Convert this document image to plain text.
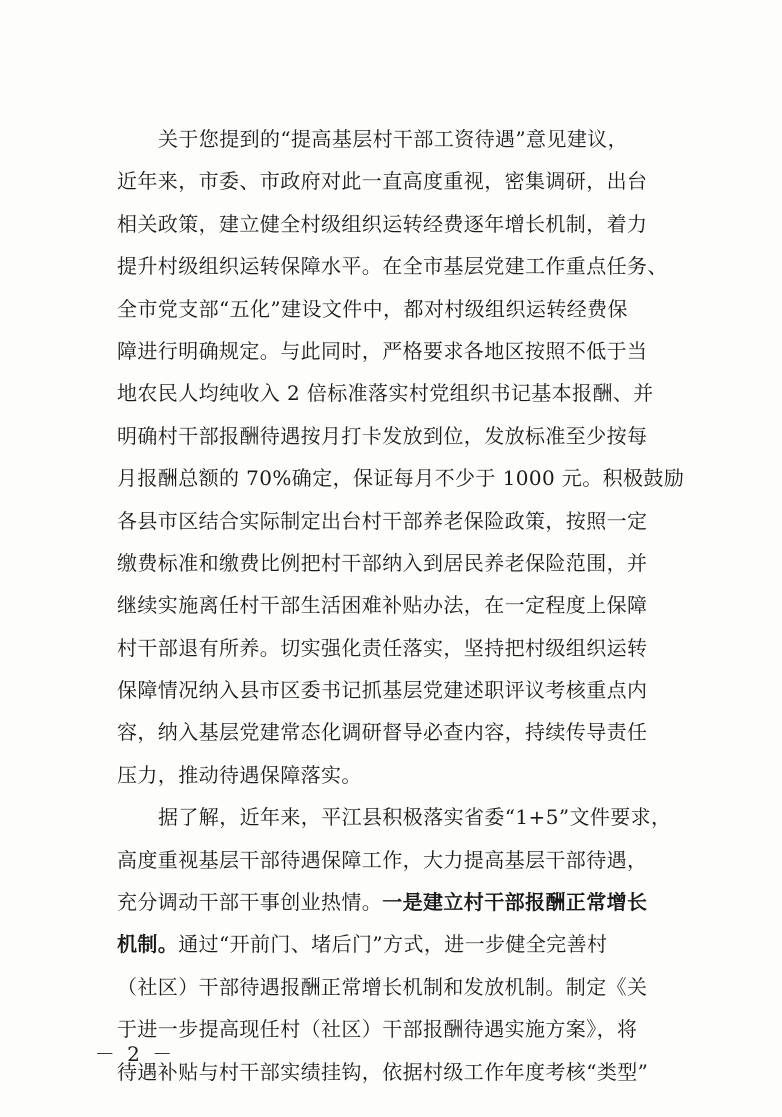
关于您提到的“提高基层村干部工资待遇”意见建议，
近年来，市委、市政府对此一直高度重视，密集调研，出台
相关政策，建立健全村级组织运转经费逐年增长机制，着力
提升村级组织运转保障水平。在全市基层党建工作重点任务、
全市党支部“五化”建设文件中，都对村级组织运转经费保
障进行明确规定。与此同时，严格要求各地区按照不低于当
地农民人均纯收入 2 倍标准落实村党组织书记基本报酬、并
明确村干部报酬待遇按月打卡发放到位，发放标准至少按每
月报酬总额的 70%确定，保证每月不少于 1000 元。积极鼓励
各县市区结合实际制定出台村干部养老保险政策，按照一定
缴费标准和缴费比例把村干部纳入到居民养老保险范围，并
继续实施离任村干部生活困难补贴办法，在一定程度上保障
村干部退有所养。切实强化责任落实，坚持把村级组织运转
保障情况纳入县市区委书记抓基层党建述职评议考核重点内
容，纳入基层党建常态化调研督导必查内容，持续传导责任
压力，推动待遇保障落实。
据了解，近年来，平江县积极落实省委“1+5”文件要求，
高度重视基层干部待遇保障工作，大力提高基层干部待遇，
充分调动干部干事创业热情。一是建立村干部报酬正常增长
机制。通过“开前门、堵后门”方式，进一步健全完善村
（社区）干部待遇报酬正常增长机制和发放机制。制定《关
于进一步提高现任村（社区）干部报酬待遇实施方案》，将
待遇补贴与村干部实绩挂钩，依据村级工作年度考核“类型”
－ 2 －
